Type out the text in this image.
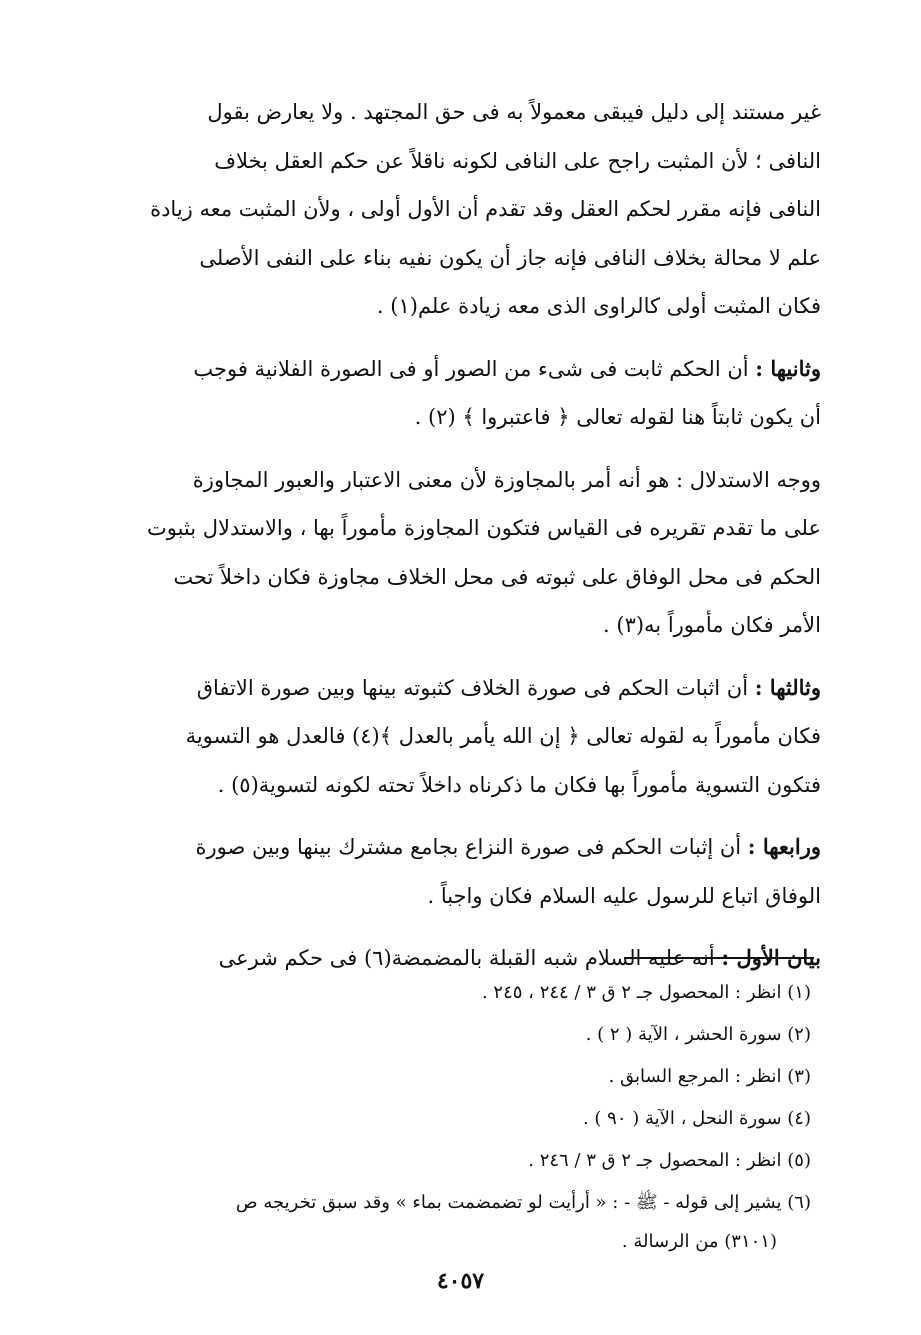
غير مستند إلى دليل فيبقى معمولاً به فى حق المجتهد . ولا يعارض بقول
النافى ؛ لأن المثبت راجح على النافى لكونه ناقلاً عن حكم العقل بخلاف
النافى فإنه مقرر لحكم العقل وقد تقدم أن الأول أولى ، ولأن المثبت معه زيادة
علم لا محالة بخلاف النافى فإنه جاز أن يكون نفيه بناء على النفى الأصلى
فكان المثبت أولى كالراوى الذى معه زيادة علم(١) .
وثانيها : أن الحكم ثابت فى شىء من الصور أو فى الصورة الفلانية فوجب
أن يكون ثابتاً هنا لقوله تعالى ﴿ فاعتبروا ﴾ (٢) .
ووجه الاستدلال : هو أنه أمر بالمجاوزة لأن معنى الاعتبار والعبور المجاوزة
على ما تقدم تقريره فى القياس فتكون المجاوزة مأموراً بها ، والاستدلال بثبوت
الحكم فى محل الوفاق على ثبوته فى محل الخلاف مجاوزة فكان داخلاً تحت
الأمر فكان مأموراً به(٣) .
وثالثها : أن اثبات الحكم فى صورة الخلاف كثبوته بينها وبين صورة الاتفاق
فكان مأموراً به لقوله تعالى ﴿ إن الله يأمر بالعدل ﴾(٤) فالعدل هو التسوية
فتكون التسوية مأموراً بها فكان ما ذكرناه داخلاً تحته لكونه لتسوية(٥) .
ورابعها : أن إثبات الحكم فى صورة النزاع بجامع مشترك بينها وبين صورة
الوفاق اتباع للرسول عليه السلام فكان واجباً .
بيان الأول : أنه عليه السلام شبه القبلة بالمضمضة(٦) فى حكم شرعى
(١) انظر : المحصول جـ ٢ ق ٣ / ٢٤٤ ، ٢٤٥ .
(٢) سورة الحشر ، الآية ( ٢ ) .
(٣) انظر : المرجع السابق .
(٤) سورة النحل ، الآية ( ٩٠ ) .
(٥) انظر : المحصول جـ ٢ ق ٣ / ٢٤٦ .
(٦) يشير إلى قوله - ﷺ - : « أرأيت لو تضمضمت بماء » وقد سبق تخريجه ص
(٣١٠١) من الرسالة .
٤٠٥٧
